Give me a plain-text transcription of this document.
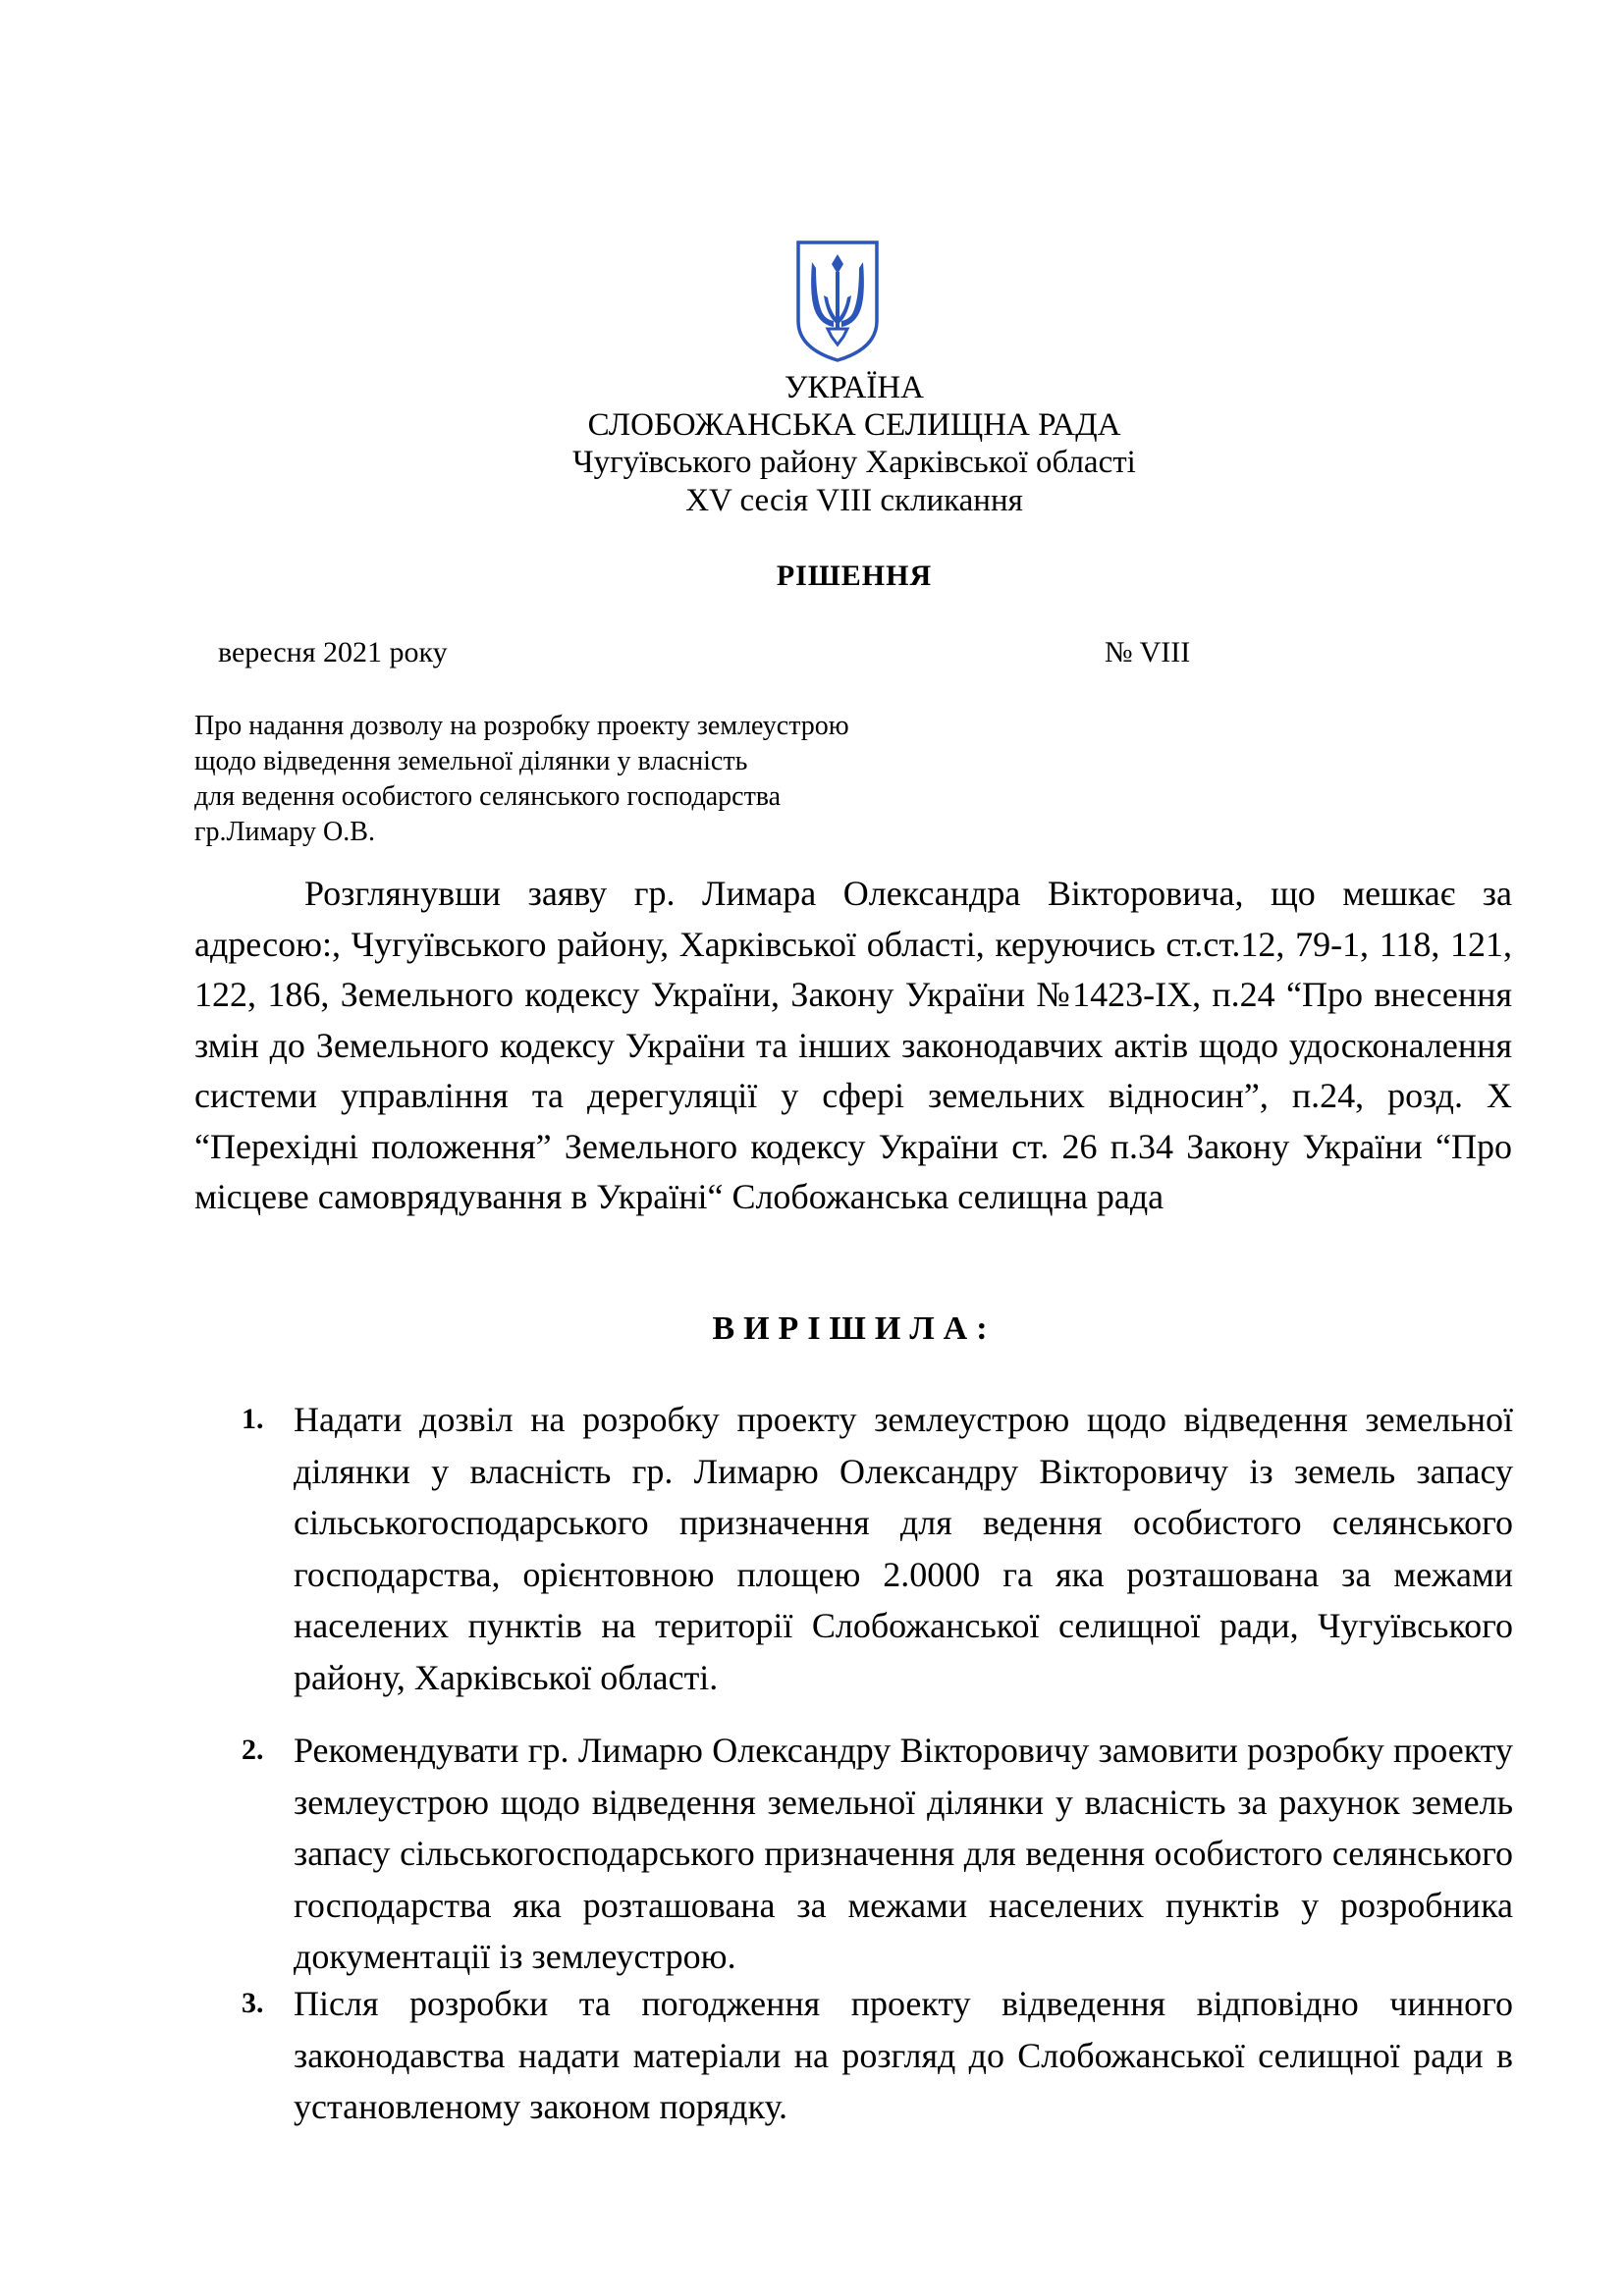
УКРАЇНА
СЛОБОЖАНСЬКА СЕЛИЩНА РАДА
Чугуївського району Харківської області
XV сесія VIII скликання
РІШЕННЯ
вересня 2021 року	№ VIII
Про надання дозволу на розробку проекту землеустрою
щодо відведення земельної ділянки у власність
для ведення особистого селянського господарства
гр.Лимару О.В.
Розглянувши заяву гр. Лимара Олександра Вікторовича, що мешкає за адресою:, Чугуївського району, Харківської області, керуючись ст.ст.12, 79-1, 118, 121, 122, 186, Земельного кодексу України, Закону України №1423-IX, п.24 “Про внесення змін до Земельного кодексу України та інших законодавчих актів щодо удосконалення системи управління та дерегуляції у сфері земельних відносин”, п.24, розд. X “Перехідні положення” Земельного кодексу України ст. 26 п.34 Закону України “Про місцеве самоврядування в Україні“ Слобожанська селищна рада
ВИРІШИЛА:
1. Надати дозвіл на розробку проекту землеустрою щодо відведення земельної ділянки у власність гр. Лимарю Олександру Вікторовичу із земель запасу сільськогосподарського призначення для ведення особистого селянського господарства, орієнтовною площею 2.0000 га яка розташована за межами населених пунктів на території Слобожанської селищної ради, Чугуївського району, Харківської області.
2. Рекомендувати гр. Лимарю Олександру Вікторовичу замовити розробку проекту землеустрою щодо відведення земельної ділянки у власність за рахунок земель запасу сільськогосподарського призначення для ведення особистого селянського господарства яка розташована за межами населених пунктів у розробника документації із землеустрою.
3. Після розробки та погодження проекту відведення відповідно чинного законодавства надати матеріали на розгляд до Слобожанської селищної ради в установленому законом порядку.
